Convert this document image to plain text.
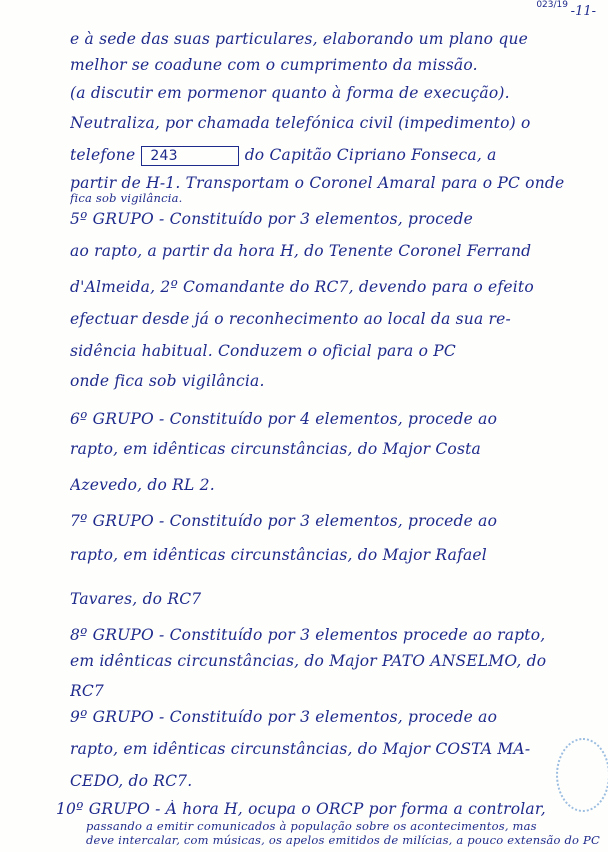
023/19 -11-
e à sede das suas particulares, elaborando um plano que
melhor se coadune com o cumprimento da missão.
(a discutir em pormenor quanto à forma de execução).
Neutraliza, por chamada telefónica civil (impedimento) o
telefone 243	do Capitão Cipriano Fonseca, a
partir de H-1. Transportam o Coronel Amaral para o PC onde
fica sob vigilância.
5º GRUPO - Constituído por 3 elementos, procede
ao rapto, a partir da hora H, do Tenente Coronel Ferrand
d'Almeida, 2º Comandante do RC7, devendo para o efeito
efectuar desde já o reconhecimento ao local da sua re-
sidência habitual. Conduzem o oficial para o PC
onde fica sob vigilância.
6º GRUPO - Constituído por 4 elementos, procede ao
rapto, em idênticas circunstâncias, do Major Costa
Azevedo, do RL 2.
7º GRUPO - Constituído por 3 elementos, procede ao
rapto, em idênticas circunstâncias, do Major Rafael
Tavares, do RC7
8º GRUPO - Constituído por 3 elementos procede ao rapto,
em idênticas circunstâncias, do Major PATO ANSELMO, do
RC7
9º GRUPO - Constituído por 3 elementos, procede ao
rapto, em idênticas circunstâncias, do Major COSTA MA-
CEDO, do RC7.
10º GRUPO - À hora H, ocupa o ORCP por forma a controlar,
passando a emitir comunicados à população sobre os acontecimentos, mas
deve intercalar, com músicas, os apelos emitidos de milícias, a pouco extensão do PC
